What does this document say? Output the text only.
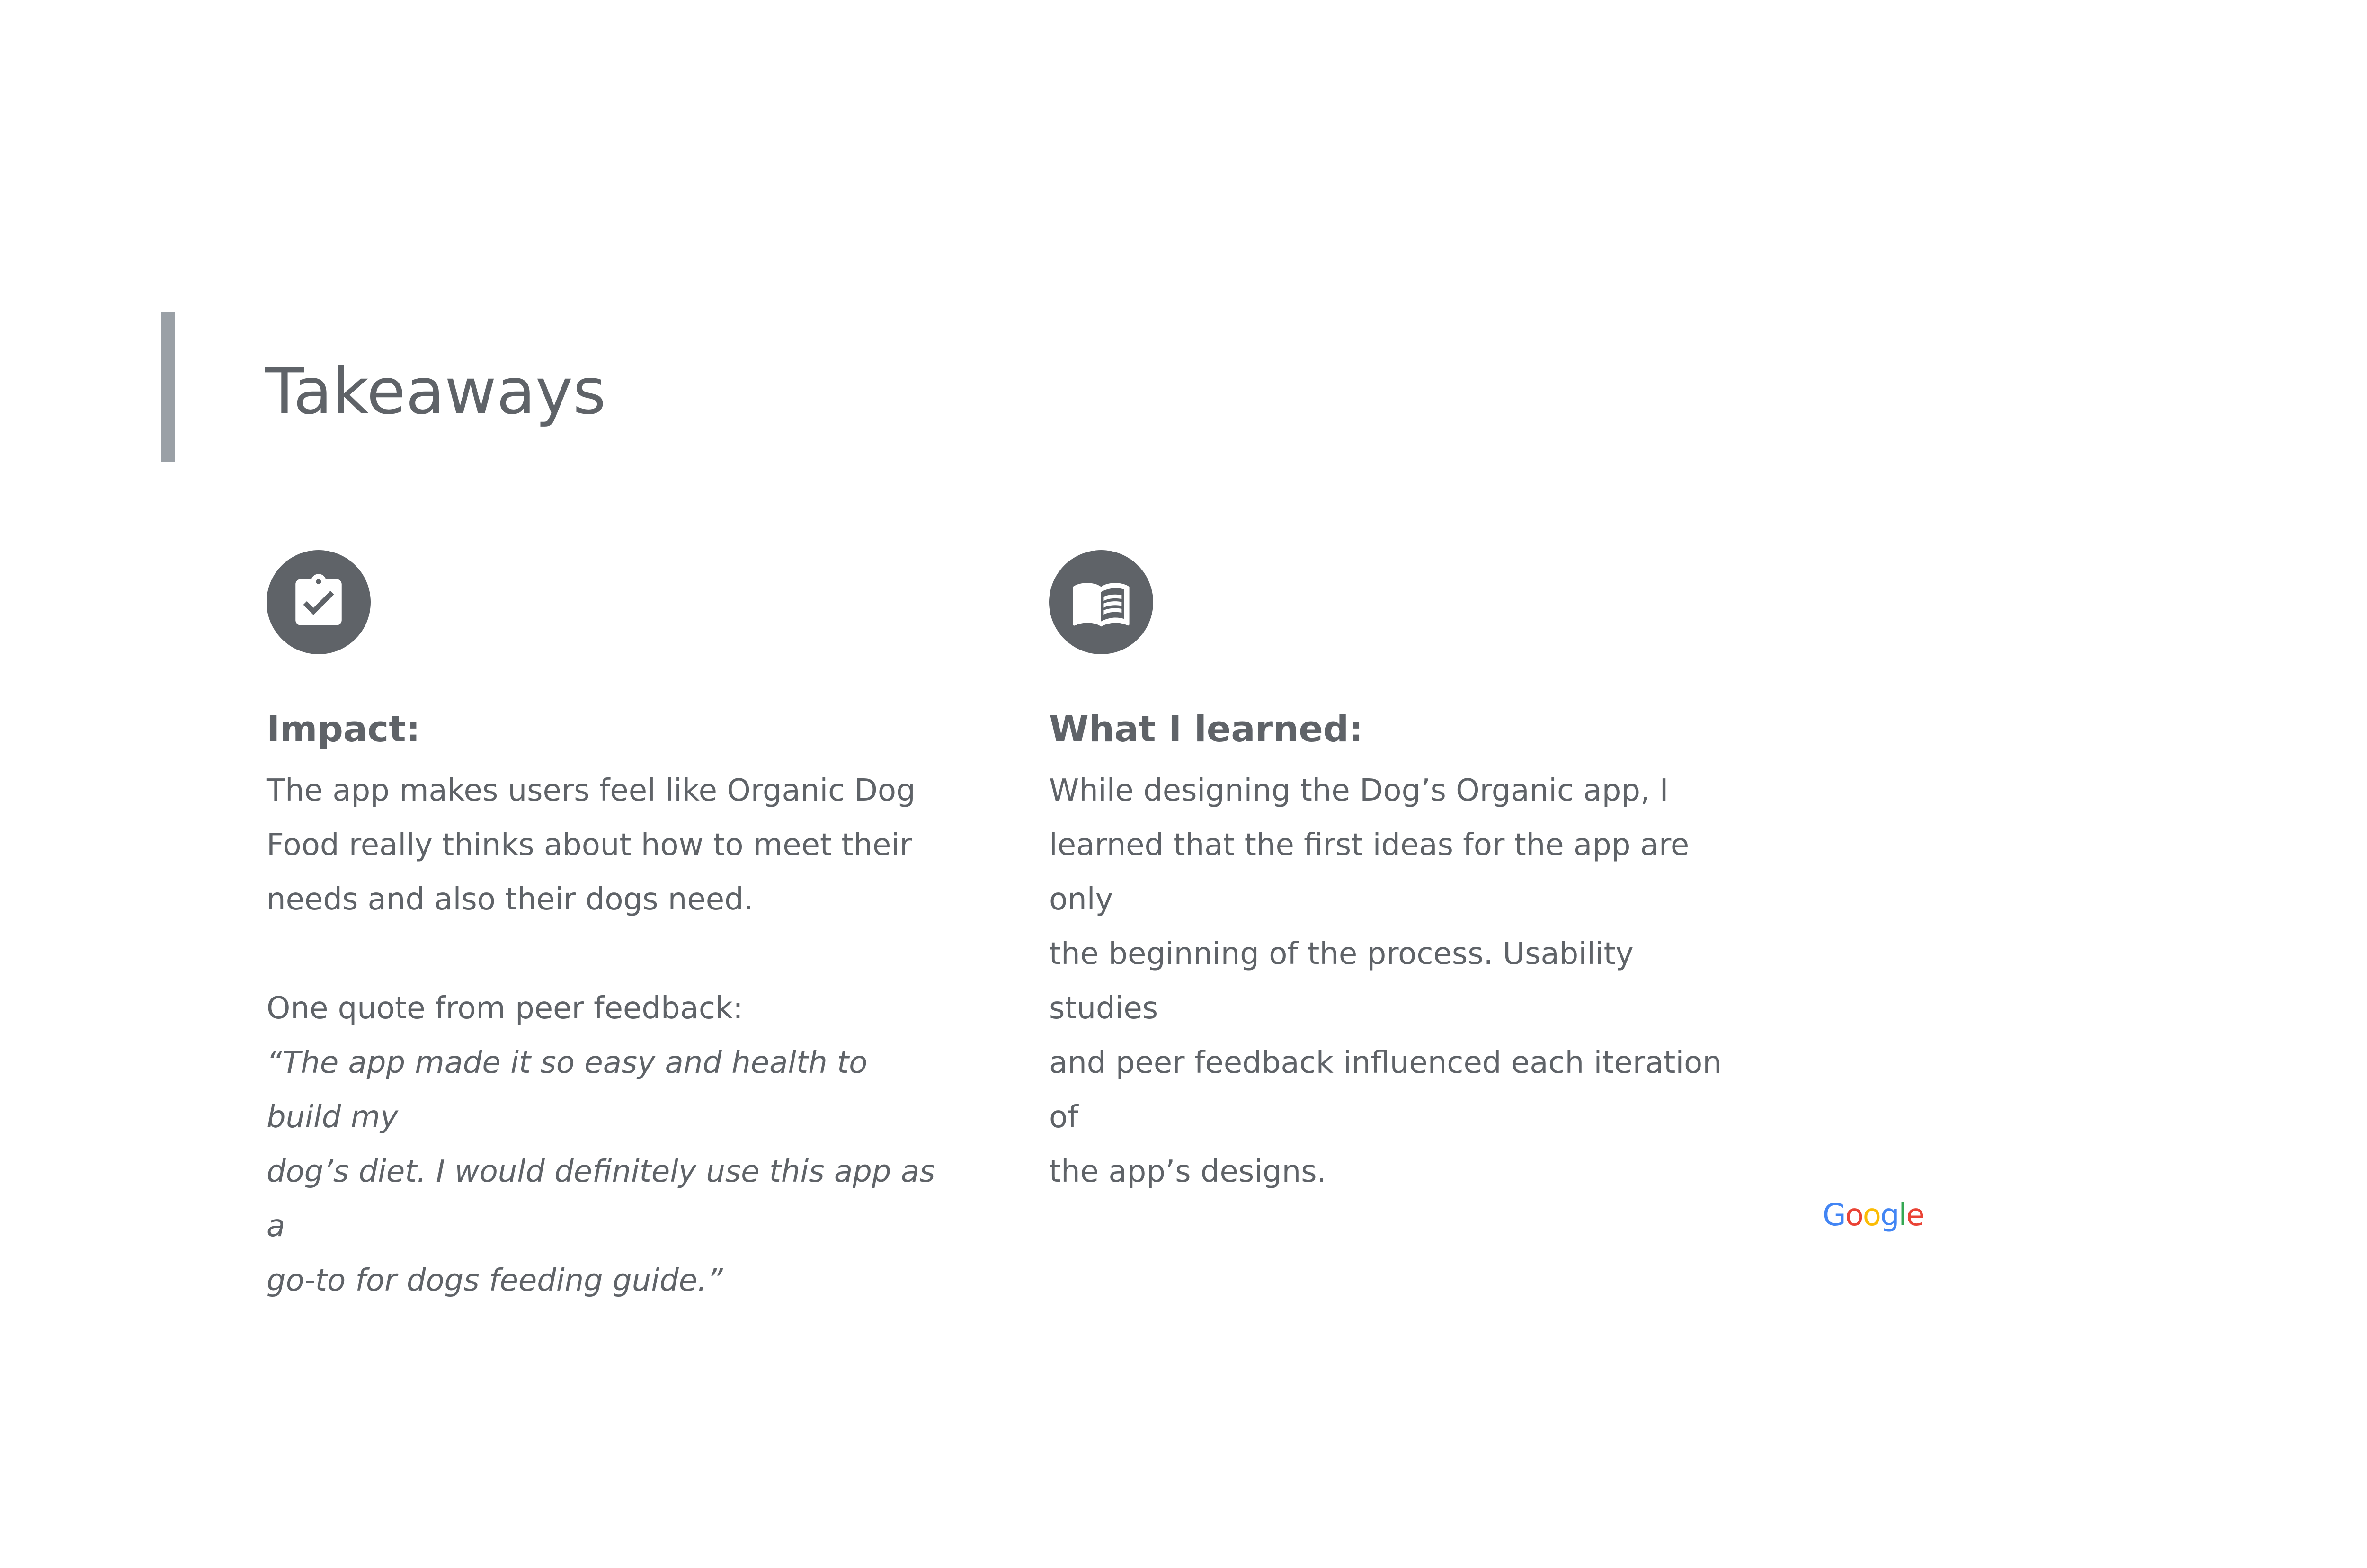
Takeaways
Impact:

The app makes users feel like Organic Dog

Food really thinks about how to meet their

needs and also their dogs need.

One quote from peer feedback:

“The app made it so easy and health to build my

dog’s diet. I would definitely use this app as a

go-to for dogs feeding guide.”

What I learned:

While designing the Dog’s Organic app, I

learned that the first ideas for the app are only

the beginning of the process. Usability studies

and peer feedback influenced each iteration of

the app’s designs.

Google
